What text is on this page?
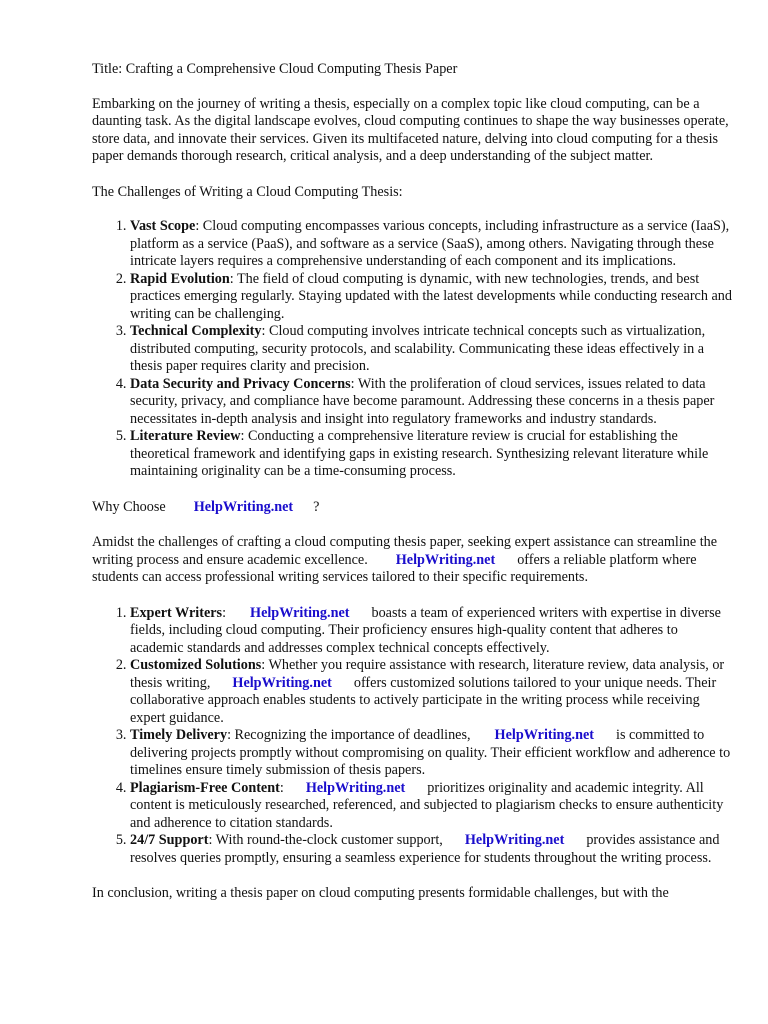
Title: Crafting a Comprehensive Cloud Computing Thesis Paper

Embarking on the journey of writing a thesis, especially on a complex topic like cloud computing, can be a daunting task. As the digital landscape evolves, cloud computing continues to shape the way businesses operate, store data, and innovate their services. Given its multifaceted nature, delving into cloud computing for a thesis paper demands thorough research, critical analysis, and a deep understanding of the subject matter.

The Challenges of Writing a Cloud Computing Thesis:

1. Vast Scope: Cloud computing encompasses various concepts, including infrastructure as a service (IaaS), platform as a service (PaaS), and software as a service (SaaS), among others. Navigating through these intricate layers requires a comprehensive understanding of each component and its implications.
2. Rapid Evolution: The field of cloud computing is dynamic, with new technologies, trends, and best practices emerging regularly. Staying updated with the latest developments while conducting research and writing can be challenging.
3. Technical Complexity: Cloud computing involves intricate technical concepts such as virtualization, distributed computing, security protocols, and scalability. Communicating these ideas effectively in a thesis paper requires clarity and precision.
4. Data Security and Privacy Concerns: With the proliferation of cloud services, issues related to data security, privacy, and compliance have become paramount. Addressing these concerns in a thesis paper necessitates in-depth analysis and insight into regulatory frameworks and industry standards.
5. Literature Review: Conducting a comprehensive literature review is crucial for establishing the theoretical framework and identifying gaps in existing research. Synthesizing relevant literature while maintaining originality can be a time-consuming process.

Why Choose HelpWriting.net ?

Amidst the challenges of crafting a cloud computing thesis paper, seeking expert assistance can streamline the writing process and ensure academic excellence. HelpWriting.net offers a reliable platform where students can access professional writing services tailored to their specific requirements.

1. Expert Writers: HelpWriting.net boasts a team of experienced writers with expertise in diverse fields, including cloud computing. Their proficiency ensures high-quality content that adheres to academic standards and addresses complex technical concepts effectively.
2. Customized Solutions: Whether you require assistance with research, literature review, data analysis, or thesis writing, HelpWriting.net offers customized solutions tailored to your unique needs. Their collaborative approach enables students to actively participate in the writing process while receiving expert guidance.
3. Timely Delivery: Recognizing the importance of deadlines, HelpWriting.net is committed to delivering projects promptly without compromising on quality. Their efficient workflow and adherence to timelines ensure timely submission of thesis papers.
4. Plagiarism-Free Content: HelpWriting.net prioritizes originality and academic integrity. All content is meticulously researched, referenced, and subjected to plagiarism checks to ensure authenticity and adherence to citation standards.
5. 24/7 Support: With round-the-clock customer support, HelpWriting.net provides assistance and resolves queries promptly, ensuring a seamless experience for students throughout the writing process.

In conclusion, writing a thesis paper on cloud computing presents formidable challenges, but with the
